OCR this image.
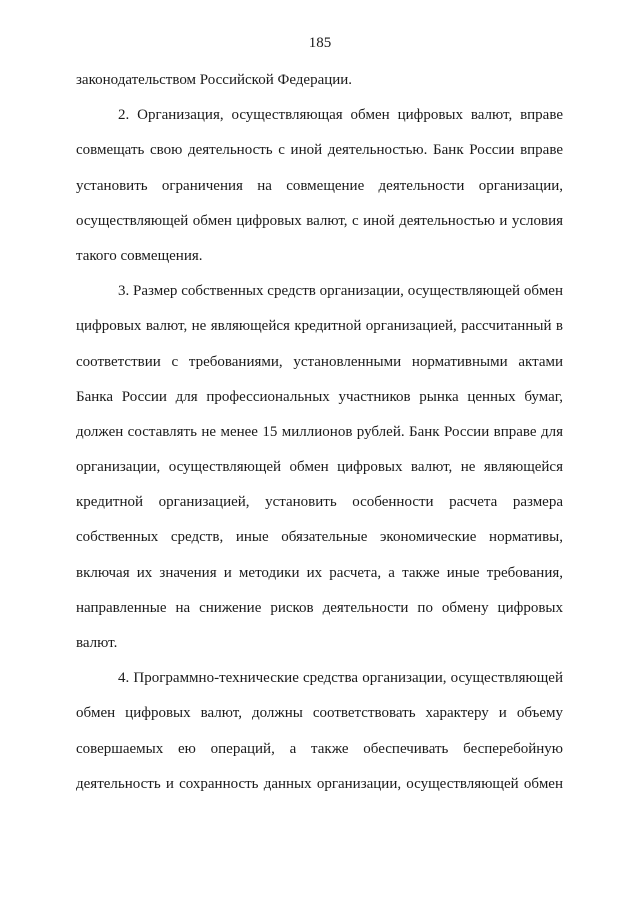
185
законодательством Российской Федерации.
2. Организация, осуществляющая обмен цифровых валют, вправе
совмещать свою деятельность с иной деятельностью. Банк России вправе
установить ограничения на совмещение деятельности организации,
осуществляющей обмен цифровых валют, с иной деятельностью и условия
такого совмещения.
3. Размер собственных средств организации, осуществляющей обмен
цифровых валют, не являющейся кредитной организацией, рассчитанный в
соответствии с требованиями, установленными нормативными актами
Банка России для профессиональных участников рынка ценных бумаг,
должен составлять не менее 15 миллионов рублей. Банк России вправе для
организации, осуществляющей обмен цифровых валют, не являющейся
кредитной организацией, установить особенности расчета размера
собственных средств, иные обязательные экономические нормативы,
включая их значения и методики их расчета, а также иные требования,
направленные на снижение рисков деятельности по обмену цифровых
валют.
4. Программно-технические средства организации, осуществляющей
обмен цифровых валют, должны соответствовать характеру и объему
совершаемых ею операций, а также обеспечивать бесперебойную
деятельность и сохранность данных организации, осуществляющей обмен
